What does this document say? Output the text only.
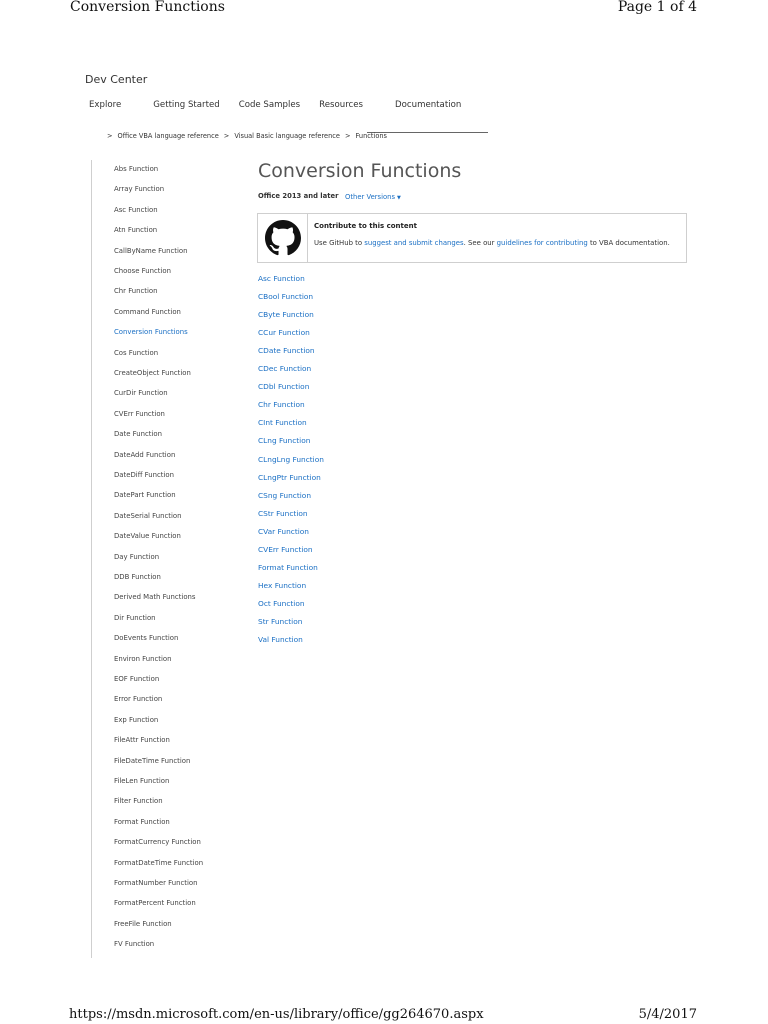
Conversion Functions	Page 1 of 4
https://msdn.microsoft.com/en-us/library/office/gg264670.aspx	5/4/2017
Dev Center
Explore	Getting Started Code Samples Resources	Documentation
> Office VBA language reference > Visual Basic language reference > Functions
Abs Function
Array Function
Asc Function
Atn Function
CallByName Function
Choose Function
Chr Function
Command Function
Conversion Functions
Cos Function
CreateObject Function
CurDir Function
CVErr Function
Date Function
DateAdd Function
DateDiff Function
DatePart Function
DateSerial Function
DateValue Function
Day Function
DDB Function
Derived Math Functions
Dir Function
DoEvents Function
Environ Function
EOF Function
Error Function
Exp Function
FileAttr Function
FileDateTime Function
FileLen Function
Filter Function
Format Function
FormatCurrency Function
FormatDateTime Function
FormatNumber Function
FormatPercent Function
FreeFile Function
FV Function
Conversion Functions
Office 2013 and later Other Versions ▼
Contribute to this content
Use GitHub to suggest and submit changes. See our guidelines for contributing to VBA documentation.
Asc Function
CBool Function
CByte Function
CCur Function
CDate Function
CDec Function
CDbl Function
Chr Function
CInt Function
CLng Function
CLngLng Function
CLngPtr Function
CSng Function
CStr Function
CVar Function
CVErr Function
Format Function
Hex Function
Oct Function
Str Function
Val Function
